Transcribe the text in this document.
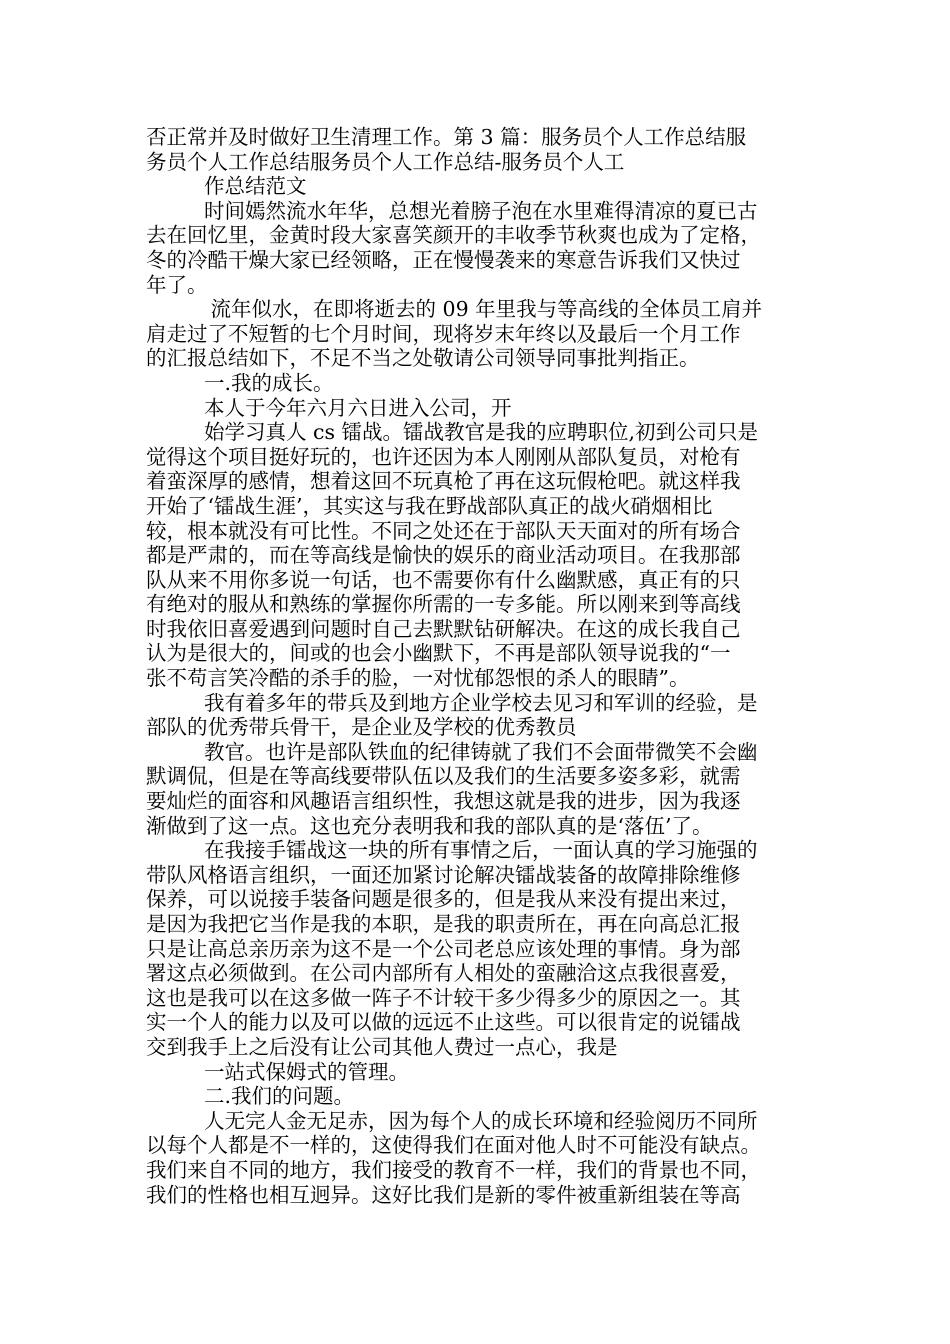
否正常并及时做好卫生清理工作。第 3 篇：服务员个人工作总结服
务员个人工作总结服务员个人工作总结-服务员个人工
作总结范文
时间嫣然流水年华，总想光着膀子泡在水里难得清凉的夏已古
去在回忆里，金黄时段大家喜笑颜开的丰收季节秋爽也成为了定格，
冬的冷酷干燥大家已经领略，正在慢慢袭来的寒意告诉我们又快过
年了。
流年似水，在即将逝去的 09 年里我与等高线的全体员工肩并
肩走过了不短暂的七个月时间，现将岁末年终以及最后一个月工作
的汇报总结如下，不足不当之处敬请公司领导同事批判指正。
一.我的成长。
本人于今年六月六日进入公司，开
始学习真人 cs 镭战。镭战教官是我的应聘职位,初到公司只是
觉得这个项目挺好玩的，也许还因为本人刚刚从部队复员，对枪有
着蛮深厚的感情，想着这回不玩真枪了再在这玩假枪吧。就这样我
开始了‘镭战生涯’，其实这与我在野战部队真正的战火硝烟相比
较，根本就没有可比性。不同之处还在于部队天天面对的所有场合
都是严肃的，而在等高线是愉快的娱乐的商业活动项目。在我那部
队从来不用你多说一句话，也不需要你有什么幽默感，真正有的只
有绝对的服从和熟练的掌握你所需的一专多能。所以刚来到等高线
时我依旧喜爱遇到问题时自己去默默钻研解决。在这的成长我自己
认为是很大的，间或的也会小幽默下，不再是部队领导说我的“一
张不苟言笑冷酷的杀手的脸，一对忧郁怨恨的杀人的眼睛”。
我有着多年的带兵及到地方企业学校去见习和军训的经验，是
部队的优秀带兵骨干，是企业及学校的优秀教员
教官。也许是部队铁血的纪律铸就了我们不会面带微笑不会幽
默调侃，但是在等高线要带队伍以及我们的生活要多姿多彩，就需
要灿烂的面容和风趣语言组织性，我想这就是我的进步，因为我逐
渐做到了这一点。这也充分表明我和我的部队真的是‘落伍’了。
在我接手镭战这一块的所有事情之后，一面认真的学习施强的
带队风格语言组织，一面还加紧讨论解决镭战装备的故障排除维修
保养，可以说接手装备问题是很多的，但是我从来没有提出来过，
是因为我把它当作是我的本职，是我的职责所在，再在向高总汇报
只是让高总亲历亲为这不是一个公司老总应该处理的事情。身为部
署这点必须做到。在公司内部所有人相处的蛮融洽这点我很喜爱，
这也是我可以在这多做一阵子不计较干多少得多少的原因之一。其
实一个人的能力以及可以做的远远不止这些。可以很肯定的说镭战
交到我手上之后没有让公司其他人费过一点心，我是
一站式保姆式的管理。
二.我们的问题。
人无完人金无足赤，因为每个人的成长环境和经验阅历不同所
以每个人都是不一样的，这使得我们在面对他人时不可能没有缺点。
我们来自不同的地方，我们接受的教育不一样，我们的背景也不同，
我们的性格也相互迥异。这好比我们是新的零件被重新组装在等高
